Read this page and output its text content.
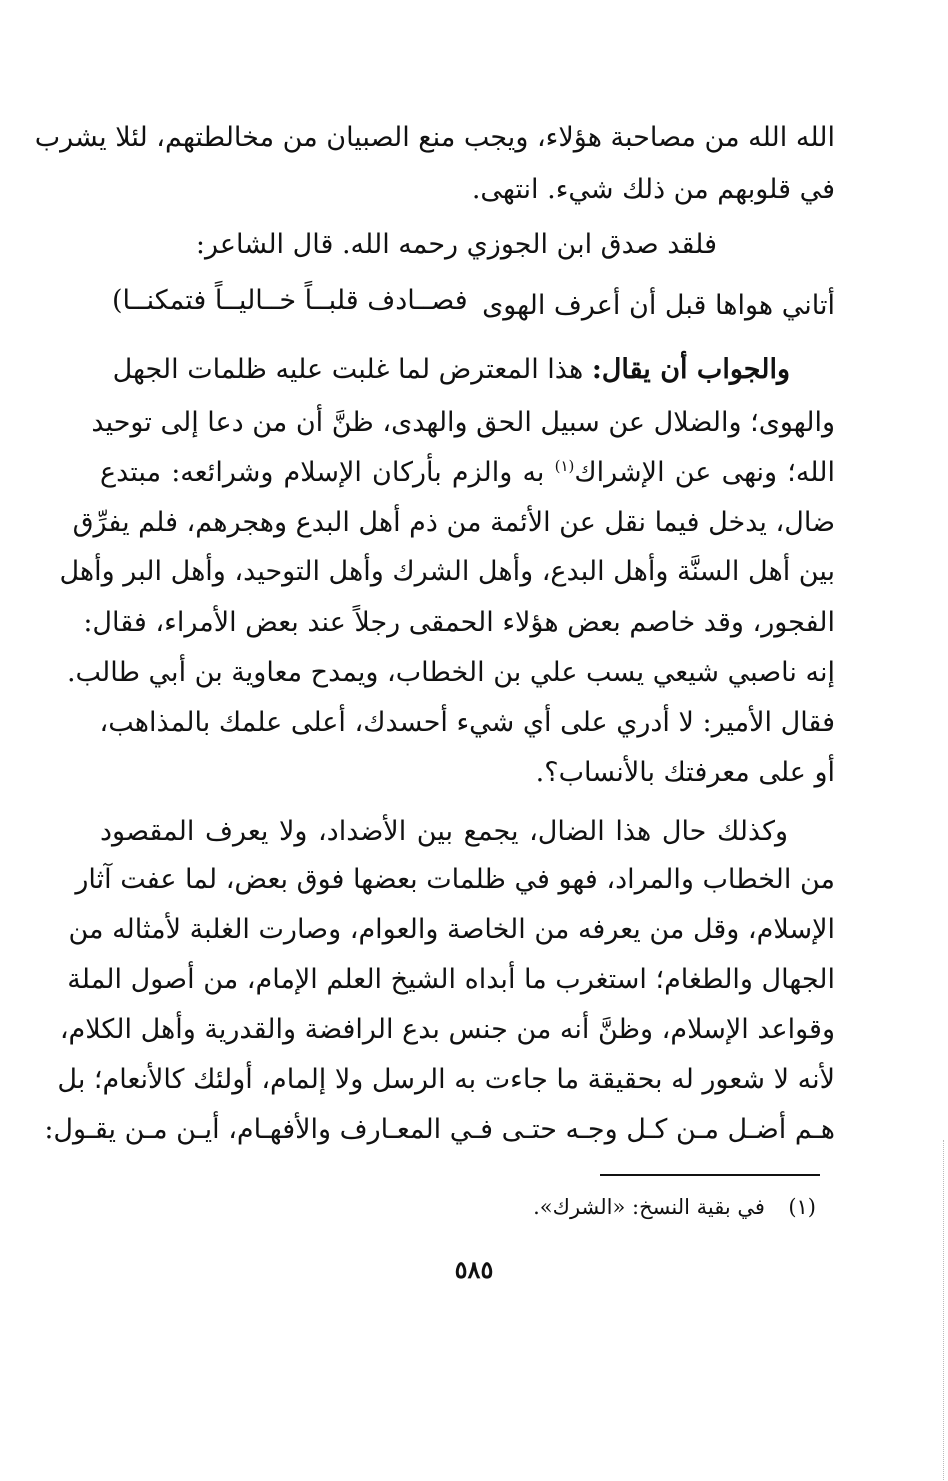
الله الله من مصاحبة هؤلاء، ويجب منع الصبيان من مخالطتهم، لئلا يشرب
في قلوبهم من ذلك شيء. انتهى.
فلقد صدق ابن الجوزي رحمه الله. قال الشاعر:
أتاني هواها قبل أن أعرف الهوى
فصــادف قلبــاً خــاليــاً فتمكنــا)
والجواب أن يقال: هذا المعترض لما غلبت عليه ظلمات الجهل
والهوى؛ والضلال عن سبيل الحق والهدى، ظنَّ أن من دعا إلى توحيد
الله؛ ونهى عن الإشراك$^{(١)}$ به والزم بأركان الإسلام وشرائعه: مبتدع
ضال، يدخل فيما نقل عن الأئمة من ذم أهل البدع وهجرهم، فلم يفرِّق
بين أهل السنَّة وأهل البدع، وأهل الشرك وأهل التوحيد، وأهل البر وأهل
الفجور، وقد خاصم بعض هؤلاء الحمقى رجلاً عند بعض الأمراء، فقال:
إنه ناصبي شيعي يسب علي بن الخطاب، ويمدح معاوية بن أبي طالب.
فقال الأمير: لا أدري على أي شيء أحسدك، أعلى علمك بالمذاهب،
أو على معرفتك بالأنساب؟.
وكذلك حال هذا الضال، يجمع بين الأضداد، ولا يعرف المقصود
من الخطاب والمراد، فهو في ظلمات بعضها فوق بعض، لما عفت آثار
الإسلام، وقل من يعرفه من الخاصة والعوام، وصارت الغلبة لأمثاله من
الجهال والطغام؛ استغرب ما أبداه الشيخ العلم الإمام، من أصول الملة
وقواعد الإسلام، وظنَّ أنه من جنس بدع الرافضة والقدرية وأهل الكلام،
لأنه لا شعور له بحقيقة ما جاءت به الرسل ولا إلمام، أولئك كالأنعام؛ بل
هـم أضـل مـن كـل وجـه حتـى فـي المعـارف والأفهـام، أيـن مـن يقـول:
(١)  في بقية النسخ: «الشرك».
٥٨٥
